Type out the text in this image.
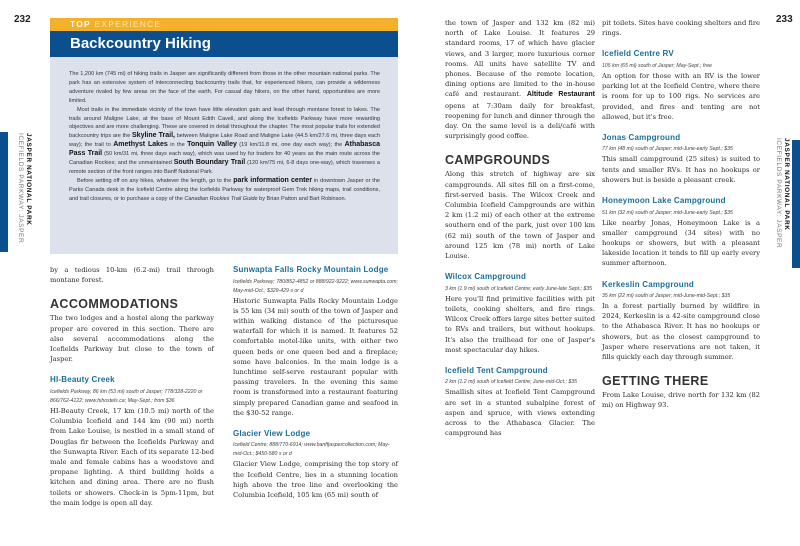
232	233
JASPER NATIONAL PARK
ICEFIELDS PARKWAY: JASPER	JASPER NATIONAL PARK
ICEFIELDS PARKWAY: JASPER
TOP EXPERIENCE
Backcountry Hiking

The 1,200 km (745 mi) of hiking trails in Jasper are significantly different from those in the other mountain national parks. The park has an extensive system of interconnecting backcountry trails that, for experienced hikers, can provide a wilderness adventure rivaled by few areas on the face of the earth. For casual day hikers, on the other hand, opportunities are more limited.

Most trails in the immediate vicinity of the town have little elevation gain and lead through montane forest to lakes. The trails around Maligne Lake, at the base of Mount Edith Cavell, and along the Icefields Parkway have more rewarding objectives and are more challenging. These are covered in detail throughout the chapter. The most popular trails for extended backcountry trips are the Skyline Trail, between Maligne Lake Road and Maligne Lake (44.5 km/27.6 mi, three days each way); the trail to Amethyst Lakes in the Tonquin Valley (19 km/11.8 mi, one day each way); the Athabasca Pass Trail (50 km/31 mi, three days each way), which was used by fur traders for 40 years as the main route across the Canadian Rockies; and the unmaintained South Boundary Trail (120 km/75 mi, 6-8 days one-way), which traverses a remote section of the front ranges into Banff National Park.

Before setting off on any hikes, whatever the length, go to the park information center in downtown Jasper or the Parks Canada desk in the Icefield Centre along the Icefields Parkway for waterproof Gem Trek hiking maps, trail conditions, and trail closures, or to purchase a copy of the Canadian Rockies Trail Guide by Brian Patton and Bart Robinson.

by a tedious 10-km (6.2-mi) trail through montane forest.

ACCOMMODATIONS

The two lodges and a hostel along the parkway proper are covered in this section. There are also several accommodations along the Icefields Parkway but close to the town of Jasper.

HI-Beauty Creek
Icefields Parkway, 86 km (53 mi) south of Jasper; 778/328-2220 or 866/762-4122; www.hihostels.ca; May-Sept.; from $36

HI-Beauty Creek, 17 km (10.5 mi) north of the Columbia Icefield and 144 km (90 mi) north from Lake Louise, is nestled in a small stand of Douglas fir between the Icefields Parkway and the Sunwapta River. Each of its separate 12-bed male and female cabins has a woodstove and propane lighting. A third building holds a kitchen and dining area. There are no flush toilets or showers. Check-in is 5pm-11pm, but the main lodge is open all day.

Sunwapta Falls Rocky Mountain Lodge
Icefields Parkway; 780/852-4852 or 888/922-9222; www.sunwapta.com; May-mid-Oct.; $329-429 s or d

Historic Sunwapta Falls Rocky Mountain Lodge is 55 km (34 mi) south of the town of Jasper and within walking distance of the picturesque waterfall for which it is named. It features 52 comfortable motel-like units, with either two queen beds or one queen bed and a fireplace; some have balconies. In the main lodge is a lunchtime self-serve restaurant popular with passing travelers. In the evening this same room is transformed into a restaurant featuring simply prepared Canadian game and seafood in the $30-52 range.

Glacier View Lodge
Icefield Centre; 888/770-6914; www.banffjaspercollection.com; May-mid-Oct.; $450-580 s or d

Glacier View Lodge, comprising the top story of the Icefield Centre, lies in a stunning location high above the tree line and overlooking the Columbia Icefield, 105 km (65 mi) south of

the town of Jasper and 132 km (82 mi) north of Lake Louise. It features 29 standard rooms, 17 of which have glacier views, and 3 larger, more luxurious corner rooms. All units have satellite TV and phones. Because of the remote location, dining options are limited to the in-house café and restaurant. Altitude Restaurant opens at 7:30am daily for breakfast, reopening for lunch and dinner through the day. On the same level is a deli/café with surprisingly good coffee.

CAMPGROUNDS

Along this stretch of highway are six campgrounds. All sites fill on a first-come, first-served basis. The Wilcox Creek and Columbia Icefield Campgrounds are within 2 km (1.2 mi) of each other at the extreme southern end of the park, just over 100 km (62 mi) south of the town of Jasper and around 125 km (78 mi) north of Lake Louise.

Wilcox Campground
3 km (1.9 mi) south of Icefield Centre; early June-late Sept.; $35

Here you'll find primitive facilities with pit toilets, cooking shelters, and fire rings. Wilcox Creek offers large sites better suited to RVs and trailers, but without hookups. It's also the trailhead for one of Jasper's most spectacular day hikes.

Icefield Tent Campground
2 km (1.2 mi) south of Icefield Centre; June-mid-Oct.; $35

Smallish sites at Icefield Tent Campground are set in a stunted subalpine forest of aspen and spruce, with views extending across to the Athabasca Glacier. The campground has

pit toilets. Sites have cooking shelters and fire rings.

Icefield Centre RV
105 km (65 mi) south of Jasper; May-Sept.; free

An option for those with an RV is the lower parking lot at the Icefield Centre, where there is room for up to 100 rigs. No services are provided, and fires and tenting are not allowed, but it's free.

Jonas Campground
77 km (48 mi) south of Jasper; mid-June-early Sept.; $35

This small campground (25 sites) is suited to tents and smaller RVs. It has no hookups or showers but is beside a pleasant creek.

Honeymoon Lake Campground
51 km (32 mi) south of Jasper; mid-June-early Sept.; $35

Like nearby Jonas, Honeymoon Lake is a smaller campground (34 sites) with no hookups or showers, but with a pleasant lakeside location it tends to fill up early every summer afternoon.

Kerkeslin Campground
35 km (22 mi) south of Jasper; mid-June-mid-Sept.; $35

In a forest partially burned by wildfire in 2024, Kerkeslin is a 42-site campground close to the Athabasca River. It has no hookups or showers, but as the closest campground to Jasper where reservations are not taken, it fills quickly each day through summer.

GETTING THERE

From Lake Louise, drive north for 132 km (82 mi) on Highway 93.
